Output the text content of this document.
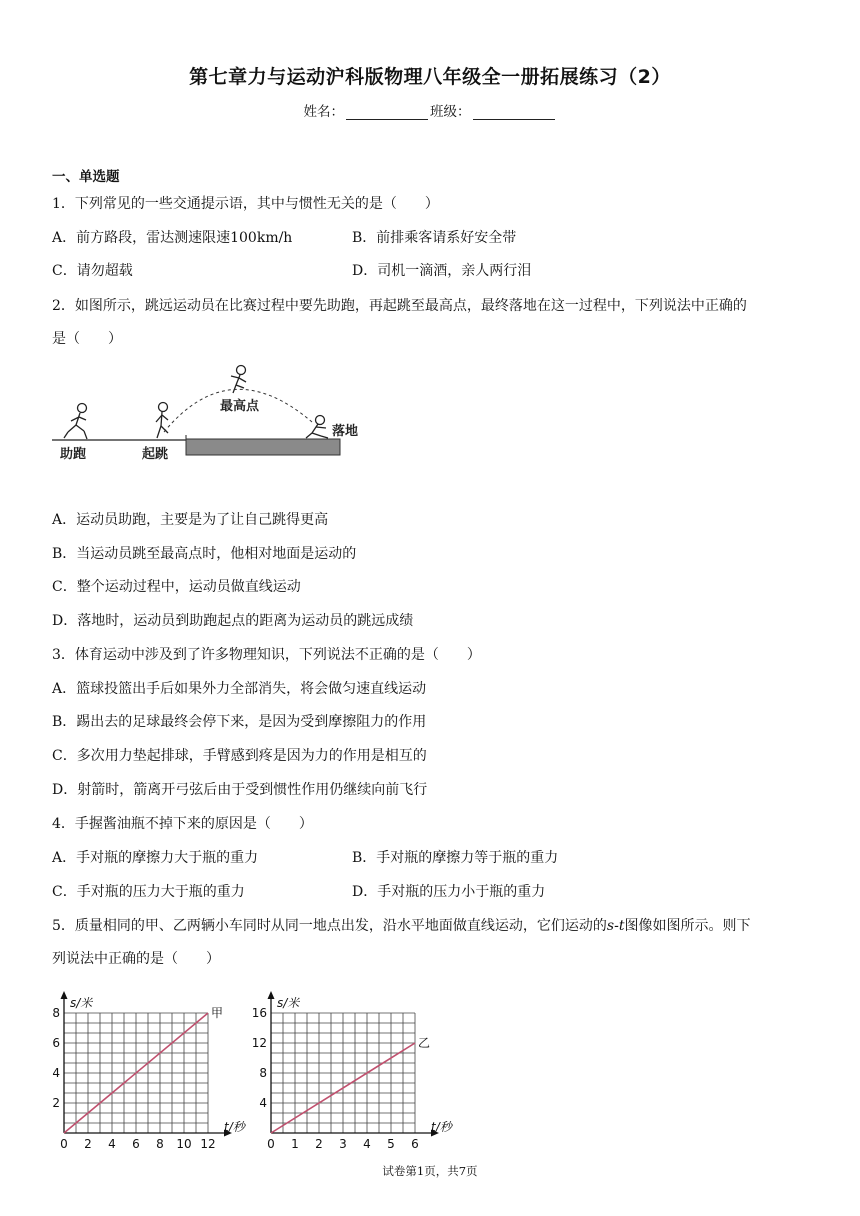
第七章力与运动沪科版物理八年级全一册拓展练习（2）
姓名：	班级：
一、单选题
1．下列常见的一些交通提示语，其中与惯性无关的是（　　）
A．前方路段，雷达测速限速100km/h	B．前排乘客请系好安全带
C．请勿超载	D．司机一滴酒，亲人两行泪
2．如图所示，跳远运动员在比赛过程中要先助跑，再起跳至最高点，最终落地在这一过程中，下列说法中正确的
是（　　）
助跑	起跳
最高点
落地
A．运动员助跑，主要是为了让自己跳得更高
B．当运动员跳至最高点时，他相对地面是运动的
C．整个运动过程中，运动员做直线运动
D．落地时，运动员到助跑起点的距离为运动员的跳远成绩
3．体育运动中涉及到了许多物理知识，下列说法不正确的是（　　）
A．篮球投篮出手后如果外力全部消失，将会做匀速直线运动
B．踢出去的足球最终会停下来，是因为受到摩擦阻力的作用
C．多次用力垫起排球，手臂感到疼是因为力的作用是相互的
D．射箭时，箭离开弓弦后由于受到惯性作用仍继续向前飞行
4．手握酱油瓶不掉下来的原因是（　　）
A．手对瓶的摩擦力大于瓶的重力	B．手对瓶的摩擦力等于瓶的重力
C．手对瓶的压力大于瓶的重力	D．手对瓶的压力小于瓶的重力
5．质量相同的甲、乙两辆小车同时从同一地点出发，沿水平地面做直线运动，它们运动的s-t图像如图所示。则下
列说法中正确的是（　　）
0 2 4 6 8 10 12
2
4
6
8
t/秒
s/米
甲
0 1 2 3 4 5 6
4
8
12
16
t/秒
s/米
乙
试卷第1页，共7页
